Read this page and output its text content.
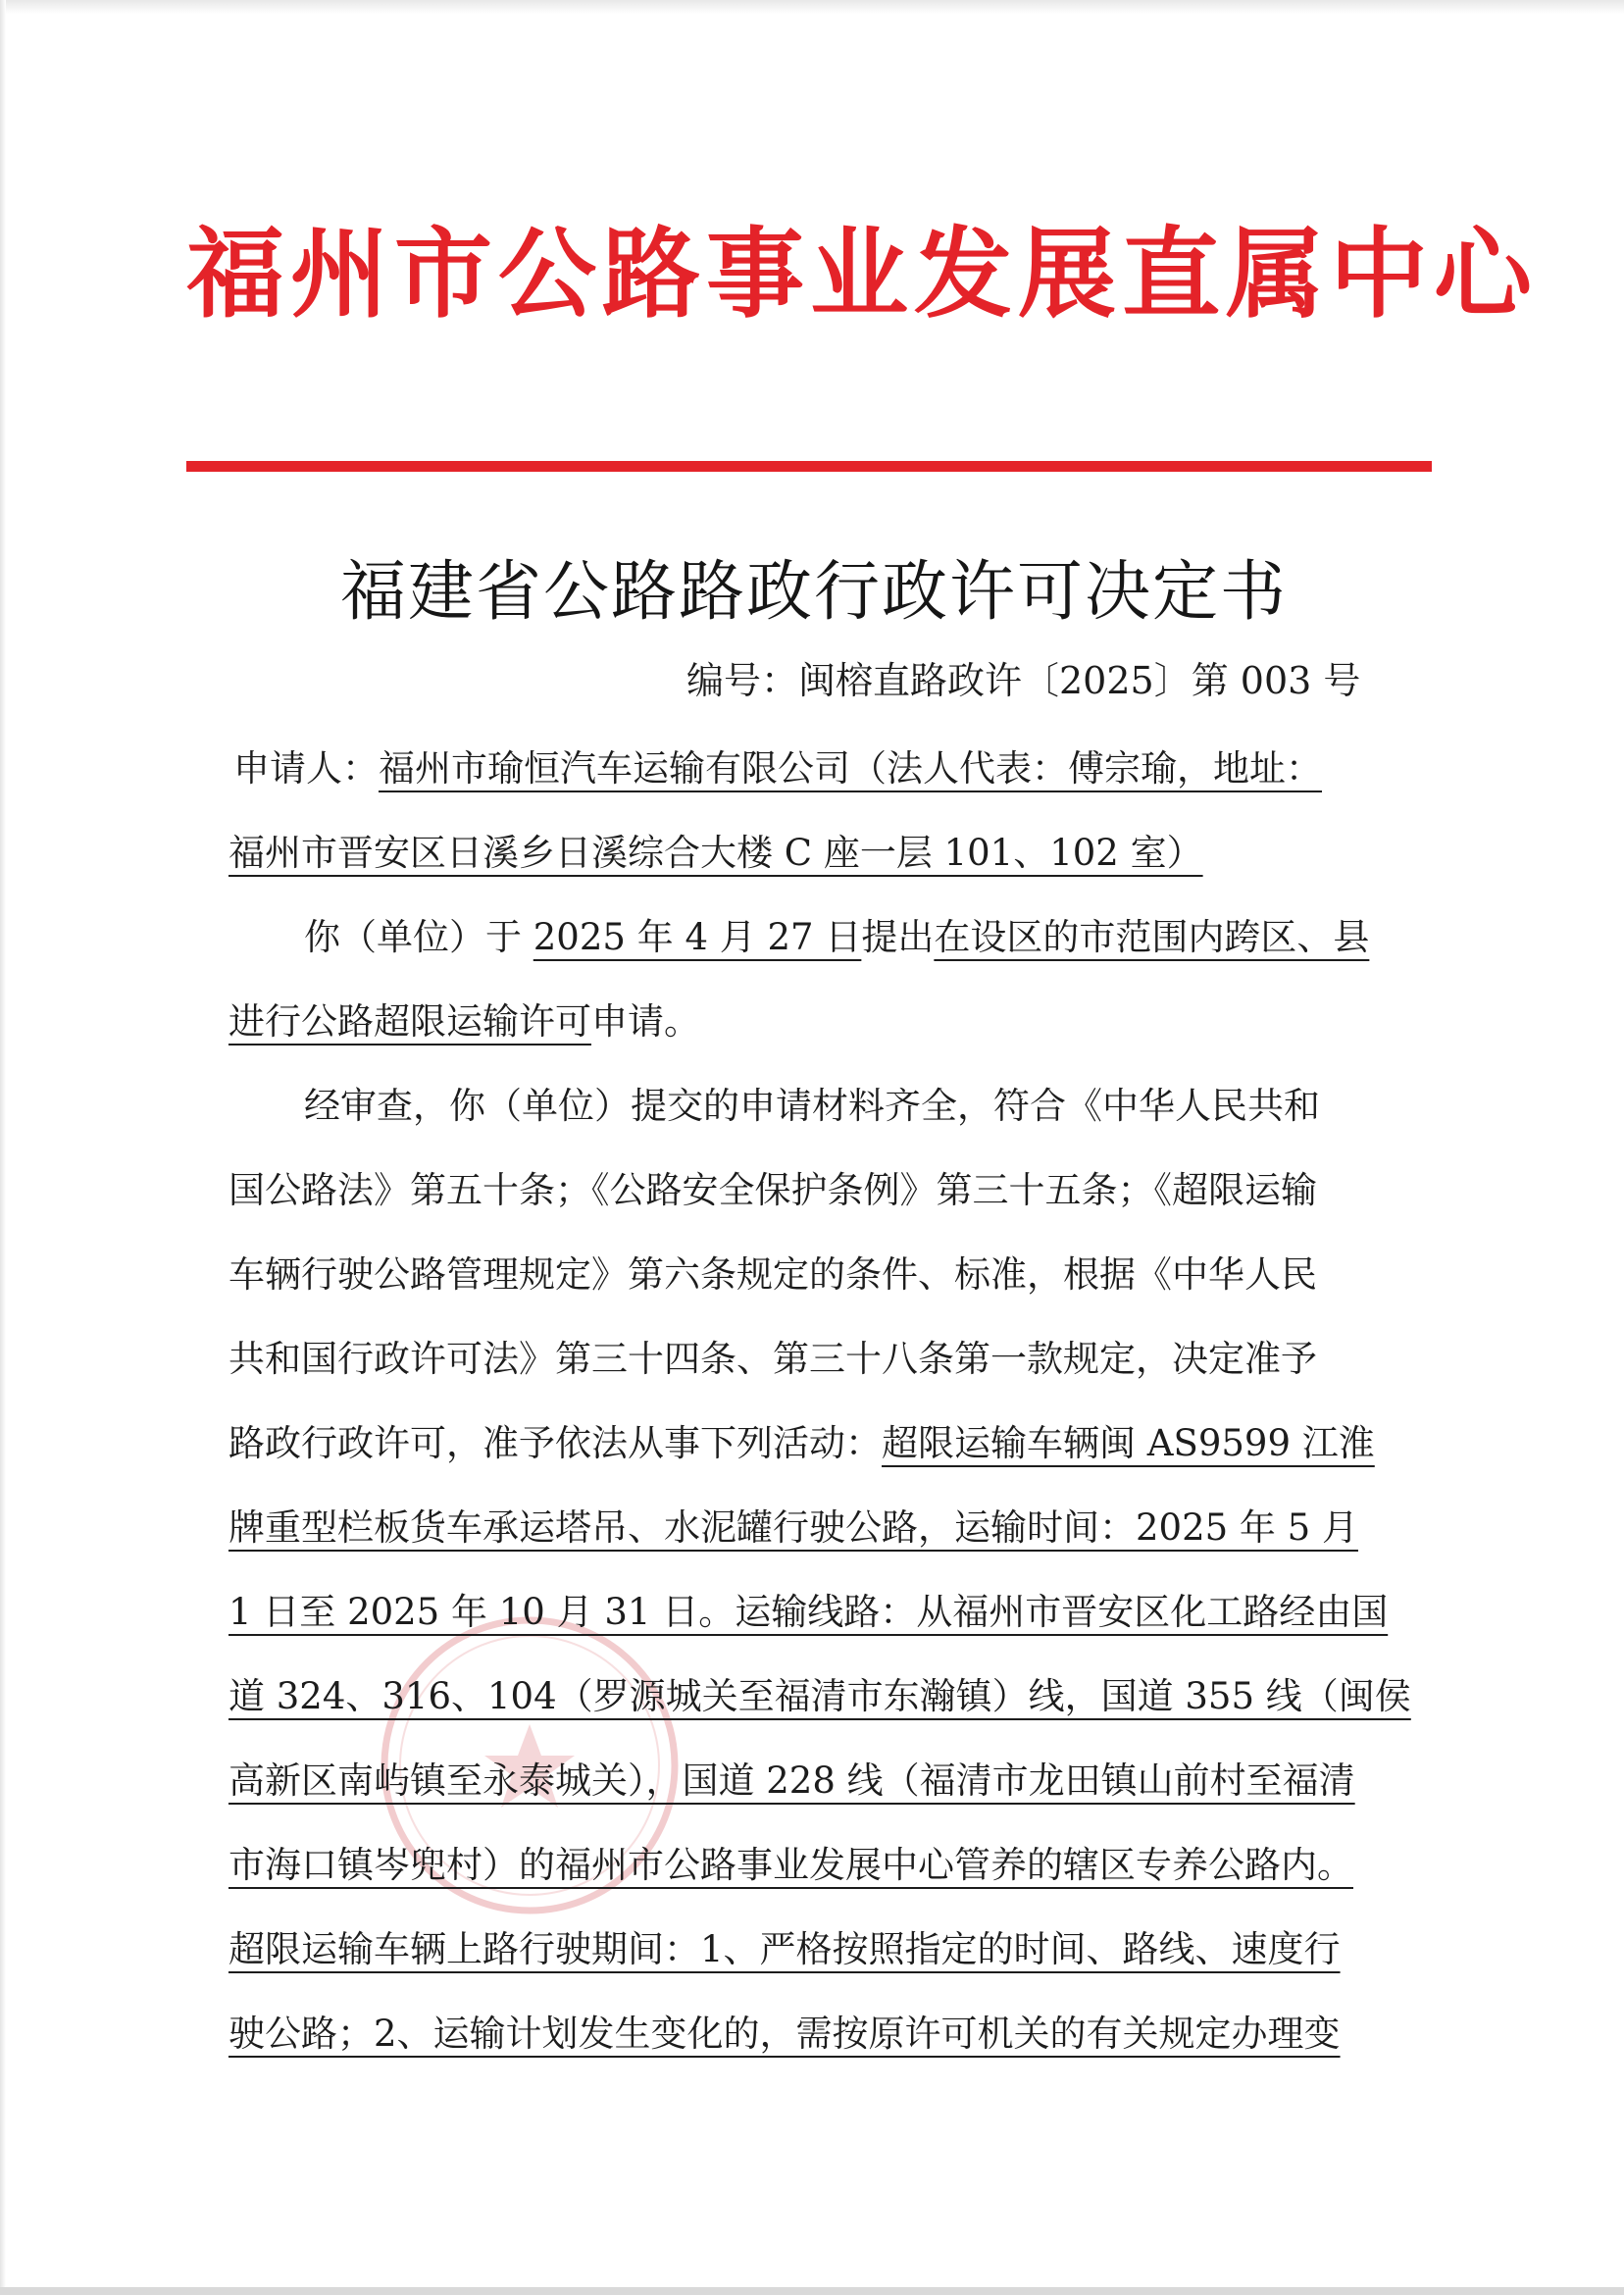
福州市公路事业发展直属中心
福建省公路路政行政许可决定书
编号：闽榕直路政许〔2025〕第 003 号
申请人：福州市瑜恒汽车运输有限公司（法人代表：傅宗瑜，地址：
福州市晋安区日溪乡日溪综合大楼 C 座一层 101、102 室）
你（单位）于 2025 年 4 月 27 日提出在设区的市范围内跨区、县
进行公路超限运输许可申请。
经审查，你（单位）提交的申请材料齐全，符合《中华人民共和
国公路法》第五十条；《公路安全保护条例》第三十五条；《超限运输
车辆行驶公路管理规定》第六条规定的条件、标准，根据《中华人民
共和国行政许可法》第三十四条、第三十八条第一款规定，决定准予
路政行政许可，准予依法从事下列活动：超限运输车辆闽 AS9599 江淮
牌重型栏板货车承运塔吊、水泥罐行驶公路，运输时间：2025 年 5 月
1 日至 2025 年 10 月 31 日。运输线路：从福州市晋安区化工路经由国
道 324、316、104（罗源城关至福清市东瀚镇）线，国道 355 线（闽侯
高新区南屿镇至永泰城关），国道 228 线（福清市龙田镇山前村至福清
市海口镇岑兜村）的福州市公路事业发展中心管养的辖区专养公路内。
超限运输车辆上路行驶期间：1、严格按照指定的时间、路线、速度行
驶公路；2、运输计划发生变化的，需按原许可机关的有关规定办理变
